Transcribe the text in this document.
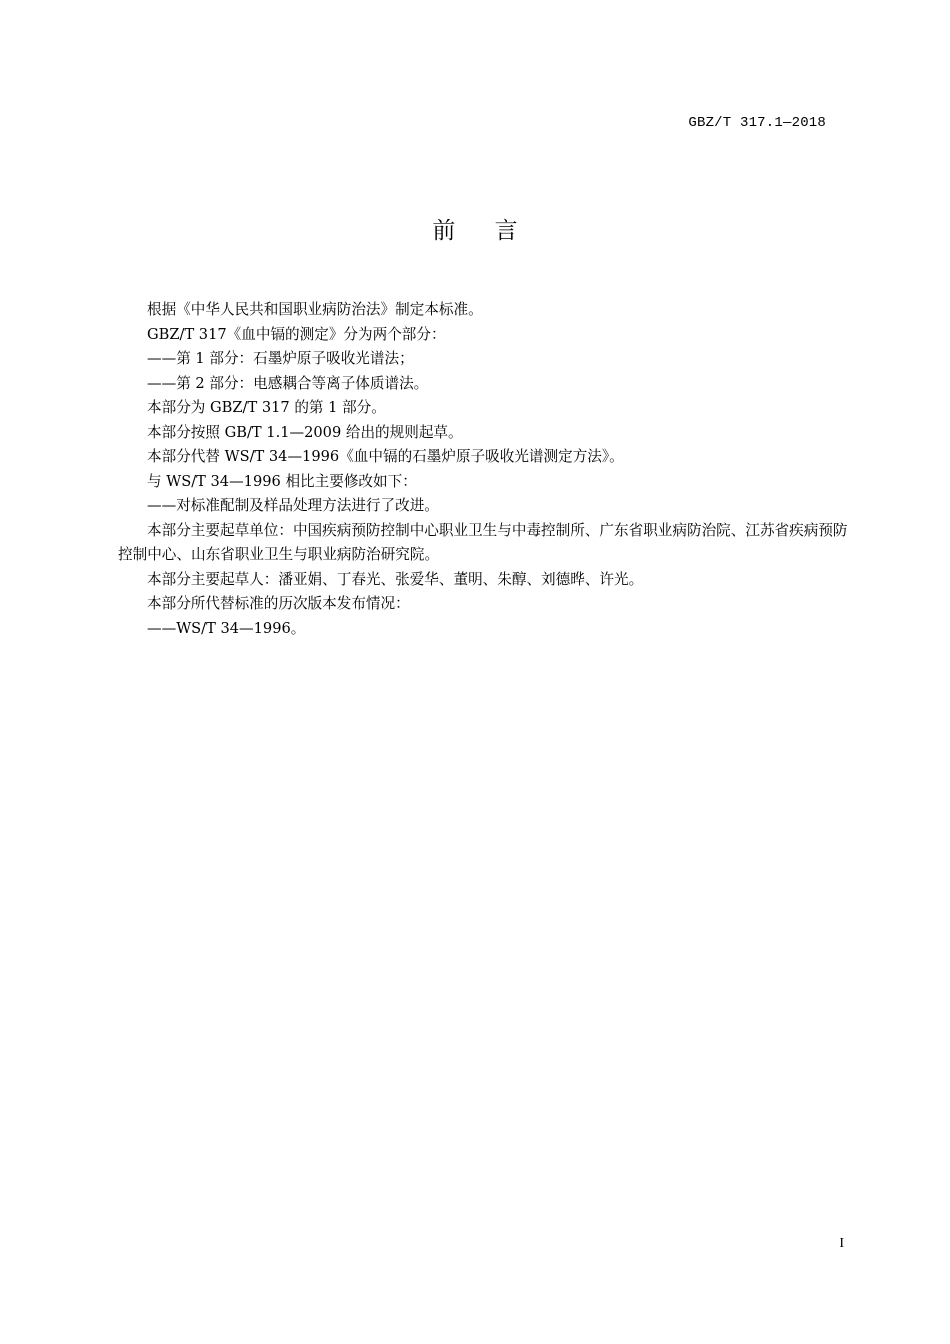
GBZ/T 317.1—2018
前 言

根据《中华人民共和国职业病防治法》制定本标准。

GBZ/T 317《血中镉的测定》分为两个部分：

——第 1 部分：石墨炉原子吸收光谱法；

——第 2 部分：电感耦合等离子体质谱法。

本部分为 GBZ/T 317 的第 1 部分。

本部分按照 GB/T 1.1—2009 给出的规则起草。

本部分代替 WS/T 34—1996《血中镉的石墨炉原子吸收光谱测定方法》。

与 WS/T 34—1996 相比主要修改如下：

——对标准配制及样品处理方法进行了改进。

本部分主要起草单位：中国疾病预防控制中心职业卫生与中毒控制所、广东省职业病防治院、江苏省疾病预防控制中心、山东省职业卫生与职业病防治研究院。

本部分主要起草人：潘亚娟、丁春光、张爱华、董明、朱醇、刘德晔、许光。

本部分所代替标准的历次版本发布情况：

——WS/T 34—1996。

I
